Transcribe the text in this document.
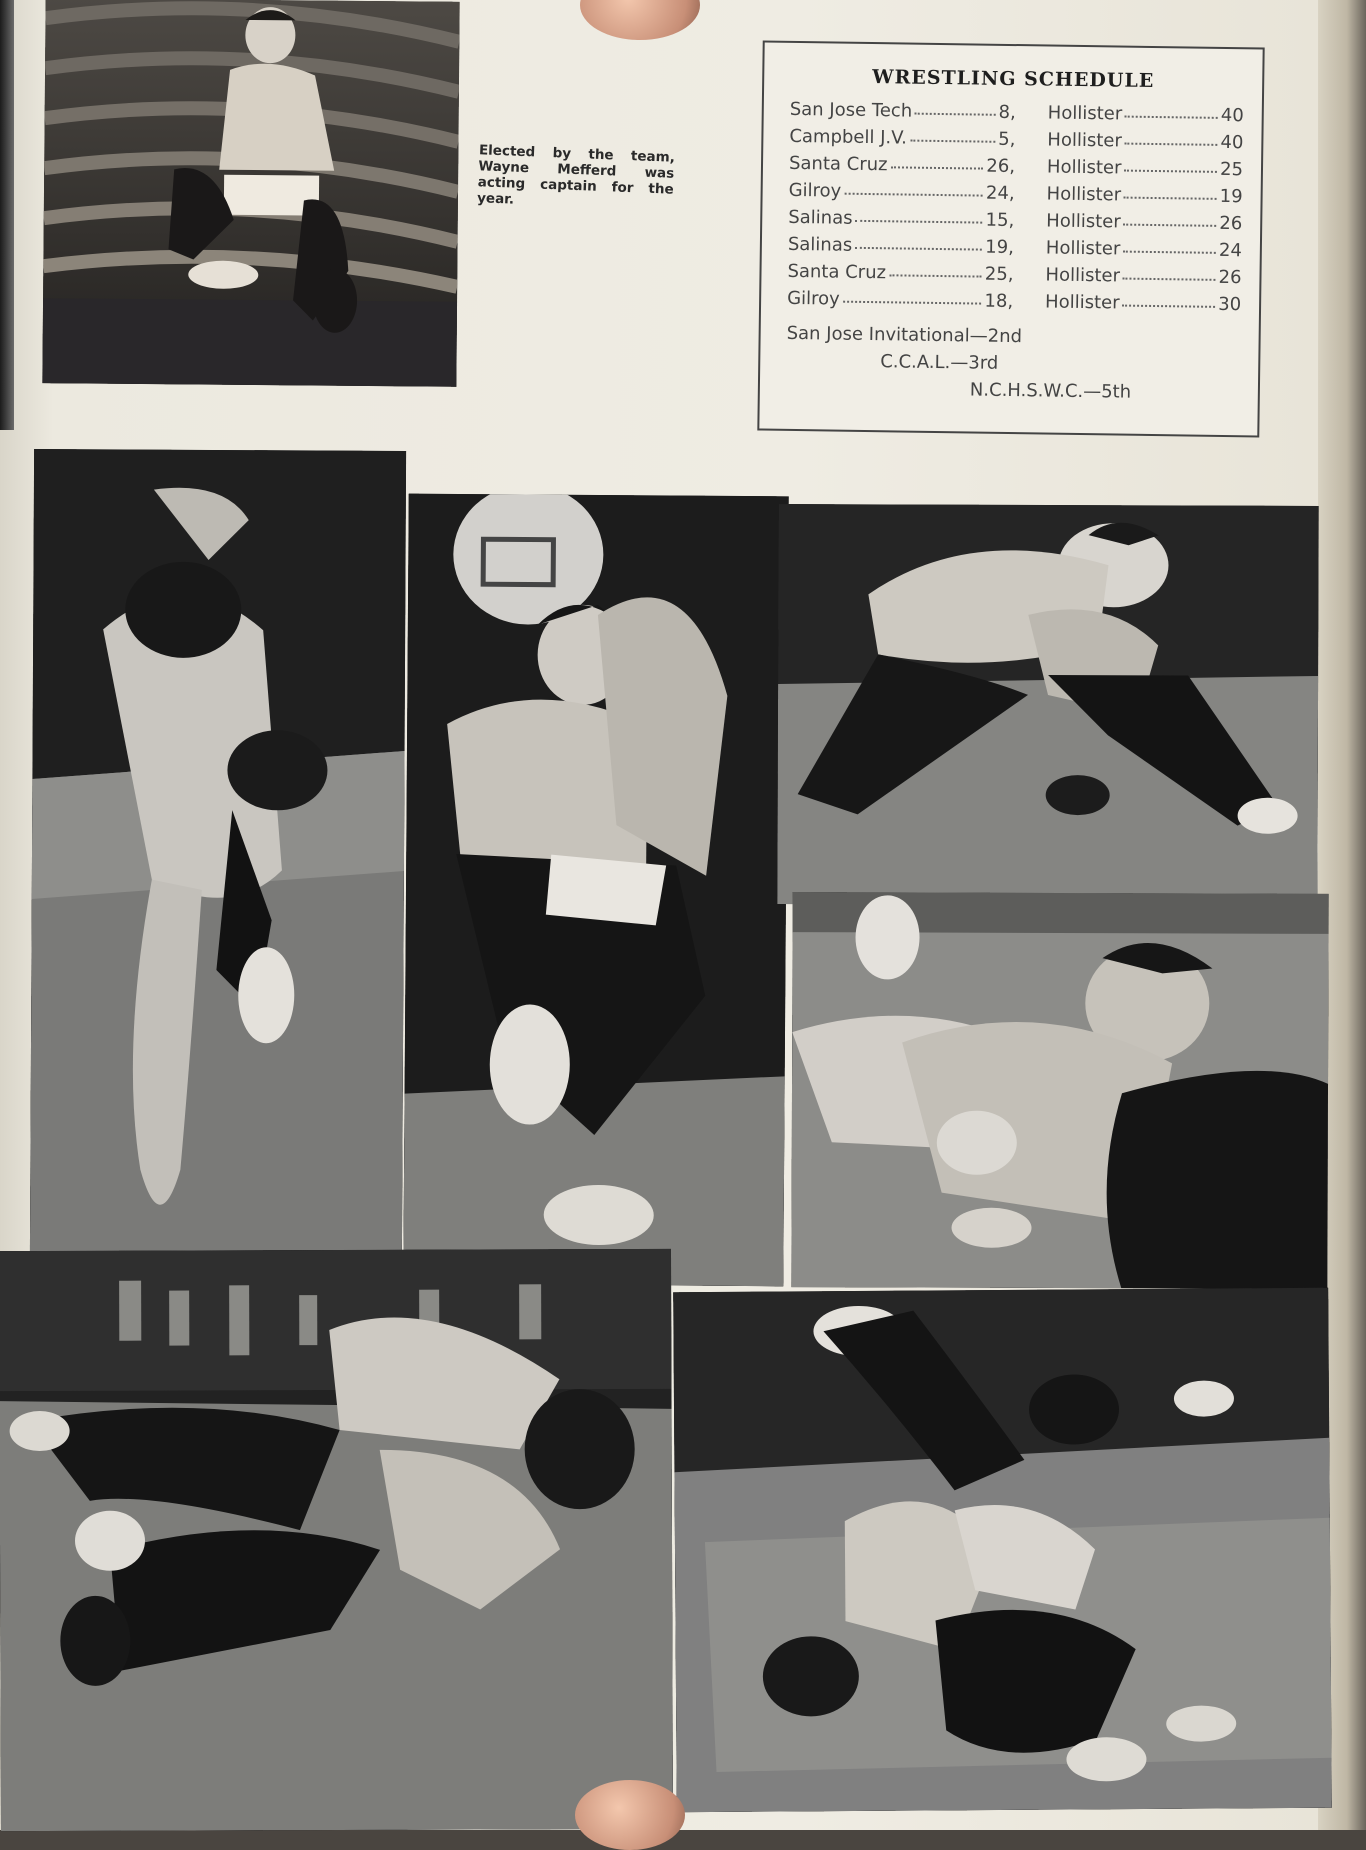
Elected by the team, Wayne Mefferd was acting captain for the year.
WRESTLING SCHEDULE
San Jose Tech	8, Hollister	40
Campbell J.V.	5, Hollister	40
Santa Cruz	26, Hollister	25
Gilroy	24, Hollister	19
Salinas	15, Hollister	26
Salinas	19, Hollister	24
Santa Cruz	25, Hollister	26
Gilroy	18, Hollister	30
San Jose Invitational—2nd
C.C.A.L.—3rd
N.C.H.S.W.C.—5th
